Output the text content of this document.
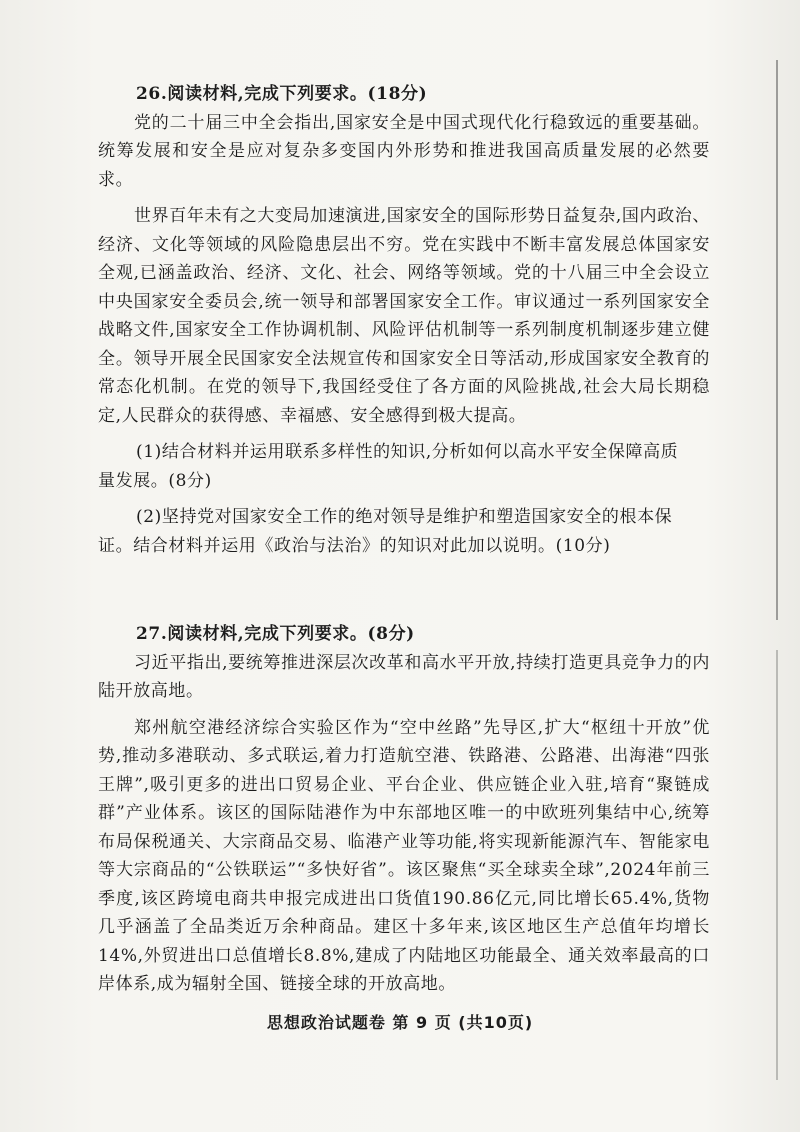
26.阅读材料,完成下列要求。(18分)

党的二十届三中全会指出,国家安全是中国式现代化行稳致远的重要基础。统筹发展和安全是应对复杂多变国内外形势和推进我国高质量发展的必然要求。

世界百年未有之大变局加速演进,国家安全的国际形势日益复杂,国内政治、经济、文化等领域的风险隐患层出不穷。党在实践中不断丰富发展总体国家安全观,已涵盖政治、经济、文化、社会、网络等领域。党的十八届三中全会设立中央国家安全委员会,统一领导和部署国家安全工作。审议通过一系列国家安全战略文件,国家安全工作协调机制、风险评估机制等一系列制度机制逐步建立健全。领导开展全民国家安全法规宣传和国家安全日等活动,形成国家安全教育的常态化机制。在党的领导下,我国经受住了各方面的风险挑战,社会大局长期稳定,人民群众的获得感、幸福感、安全感得到极大提高。

(1)结合材料并运用联系多样性的知识,分析如何以高水平安全保障高质

量发展。(8分)

(2)坚持党对国家安全工作的绝对领导是维护和塑造国家安全的根本保

证。结合材料并运用《政治与法治》的知识对此加以说明。(10分)

27.阅读材料,完成下列要求。(8分)

习近平指出,要统筹推进深层次改革和高水平开放,持续打造更具竞争力的内陆开放高地。

郑州航空港经济综合实验区作为“空中丝路”先导区,扩大“枢纽十开放”优势,推动多港联动、多式联运,着力打造航空港、铁路港、公路港、出海港“四张王牌”,吸引更多的进出口贸易企业、平台企业、供应链企业入驻,培育“聚链成群”产业体系。该区的国际陆港作为中东部地区唯一的中欧班列集结中心,统筹布局保税通关、大宗商品交易、临港产业等功能,将实现新能源汽车、智能家电等大宗商品的“公铁联运”“多快好省”。该区聚焦“买全球卖全球”,2024年前三季度,该区跨境电商共申报完成进出口货值190.86亿元,同比增长65.4%,货物几乎涵盖了全品类近万余种商品。建区十多年来,该区地区生产总值年均增长14%,外贸进出口总值增长8.8%,建成了内陆地区功能最全、通关效率最高的口岸体系,成为辐射全国、链接全球的开放高地。

思想政治试题卷 第 9 页 (共10页)
